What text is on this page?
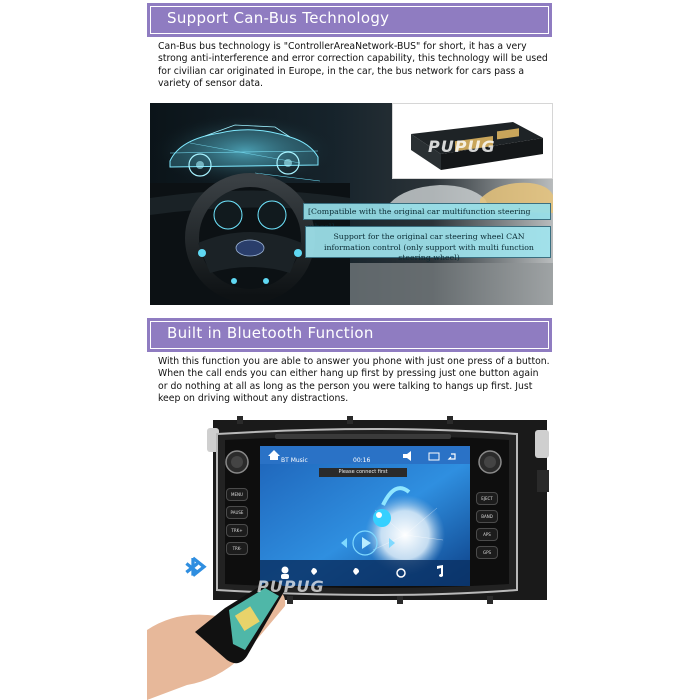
Support Can-Bus Technology

Can-Bus bus technology is "ControllerAreaNetwork-BUS" for short, it has a very strong anti-interference and error correction capability, this technology will be used for civilian car originated in Europe, in the car, the bus network for cars pass a variety of sensor data.

PUPUG
[Compatible with the original car multifunction steering
Support for the original car steering wheel CAN information control (only support with multi function steering wheel)
Built in Bluetooth Function

With this function you are able to answer you phone with just one press of a button. When the call ends you can either hang up first by pressing just one button again or do nothing at all as long as the person you were talking to hangs up first. Just keep on driving without any distractions.

BT Music	00:16
Please connect first
MENU
PAUSE
TRK+
TRK-
EJECT
BAND
APS
GPS
PUPUG
